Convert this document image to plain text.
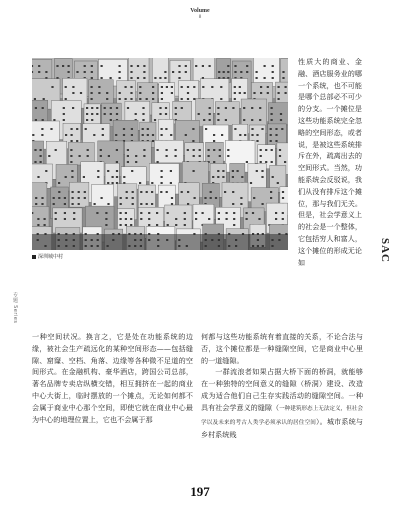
Volume
8
深圳城中村
专题 Series
SAC

性质大的商业、金融、酒店服务业的哪一个系统，也不可能是哪个总部必不可少的分支。一个摊位是这些功能系统完全忽略的空间形态，或者说，是被这些系统排斥在外，疏离出去的空间形式。当然，功能系统会反驳说，我们从没有排斥这个摊位，那与我们无关。但是，社会学意义上的社会是一个整体，它包括穷人和富人，这个摊位的形成无论如

一种空间状况。换言之，它是处在功能系统的边缘，被社会生产疏远化的某种空间形态——包括缝隙、窟窿、空档、角落、边缘等各种微不足道的空间形式。在金融机构、豪华酒店，跨国公司总部，著名品牌专卖店纵横交错，相互拥挤在一起的商业中心大街上，临时摆放的一个摊点，无论如何都不会属于商业中心那个空间，即使它就在商业中心最为中心的地理位置上，它也不会属于那

何都与这些功能系统有着直接的关系，不论合法与否，这个摊位都是一种缝隙空间，它是商业中心里的一道缝隙。

一群流浪者如果占据大桥下面的桥洞，就能够在一种独特的空间意义的缝隙（桥洞）建设、改造成为适合他们自己生存实践活动的缝隙空间。一种具有社会学意义的缝隙（一种建筑形态上无法定义，但社会学以及未来的考古人类学必须承认的居住空间）。城市系统与乡村系统贱

197
